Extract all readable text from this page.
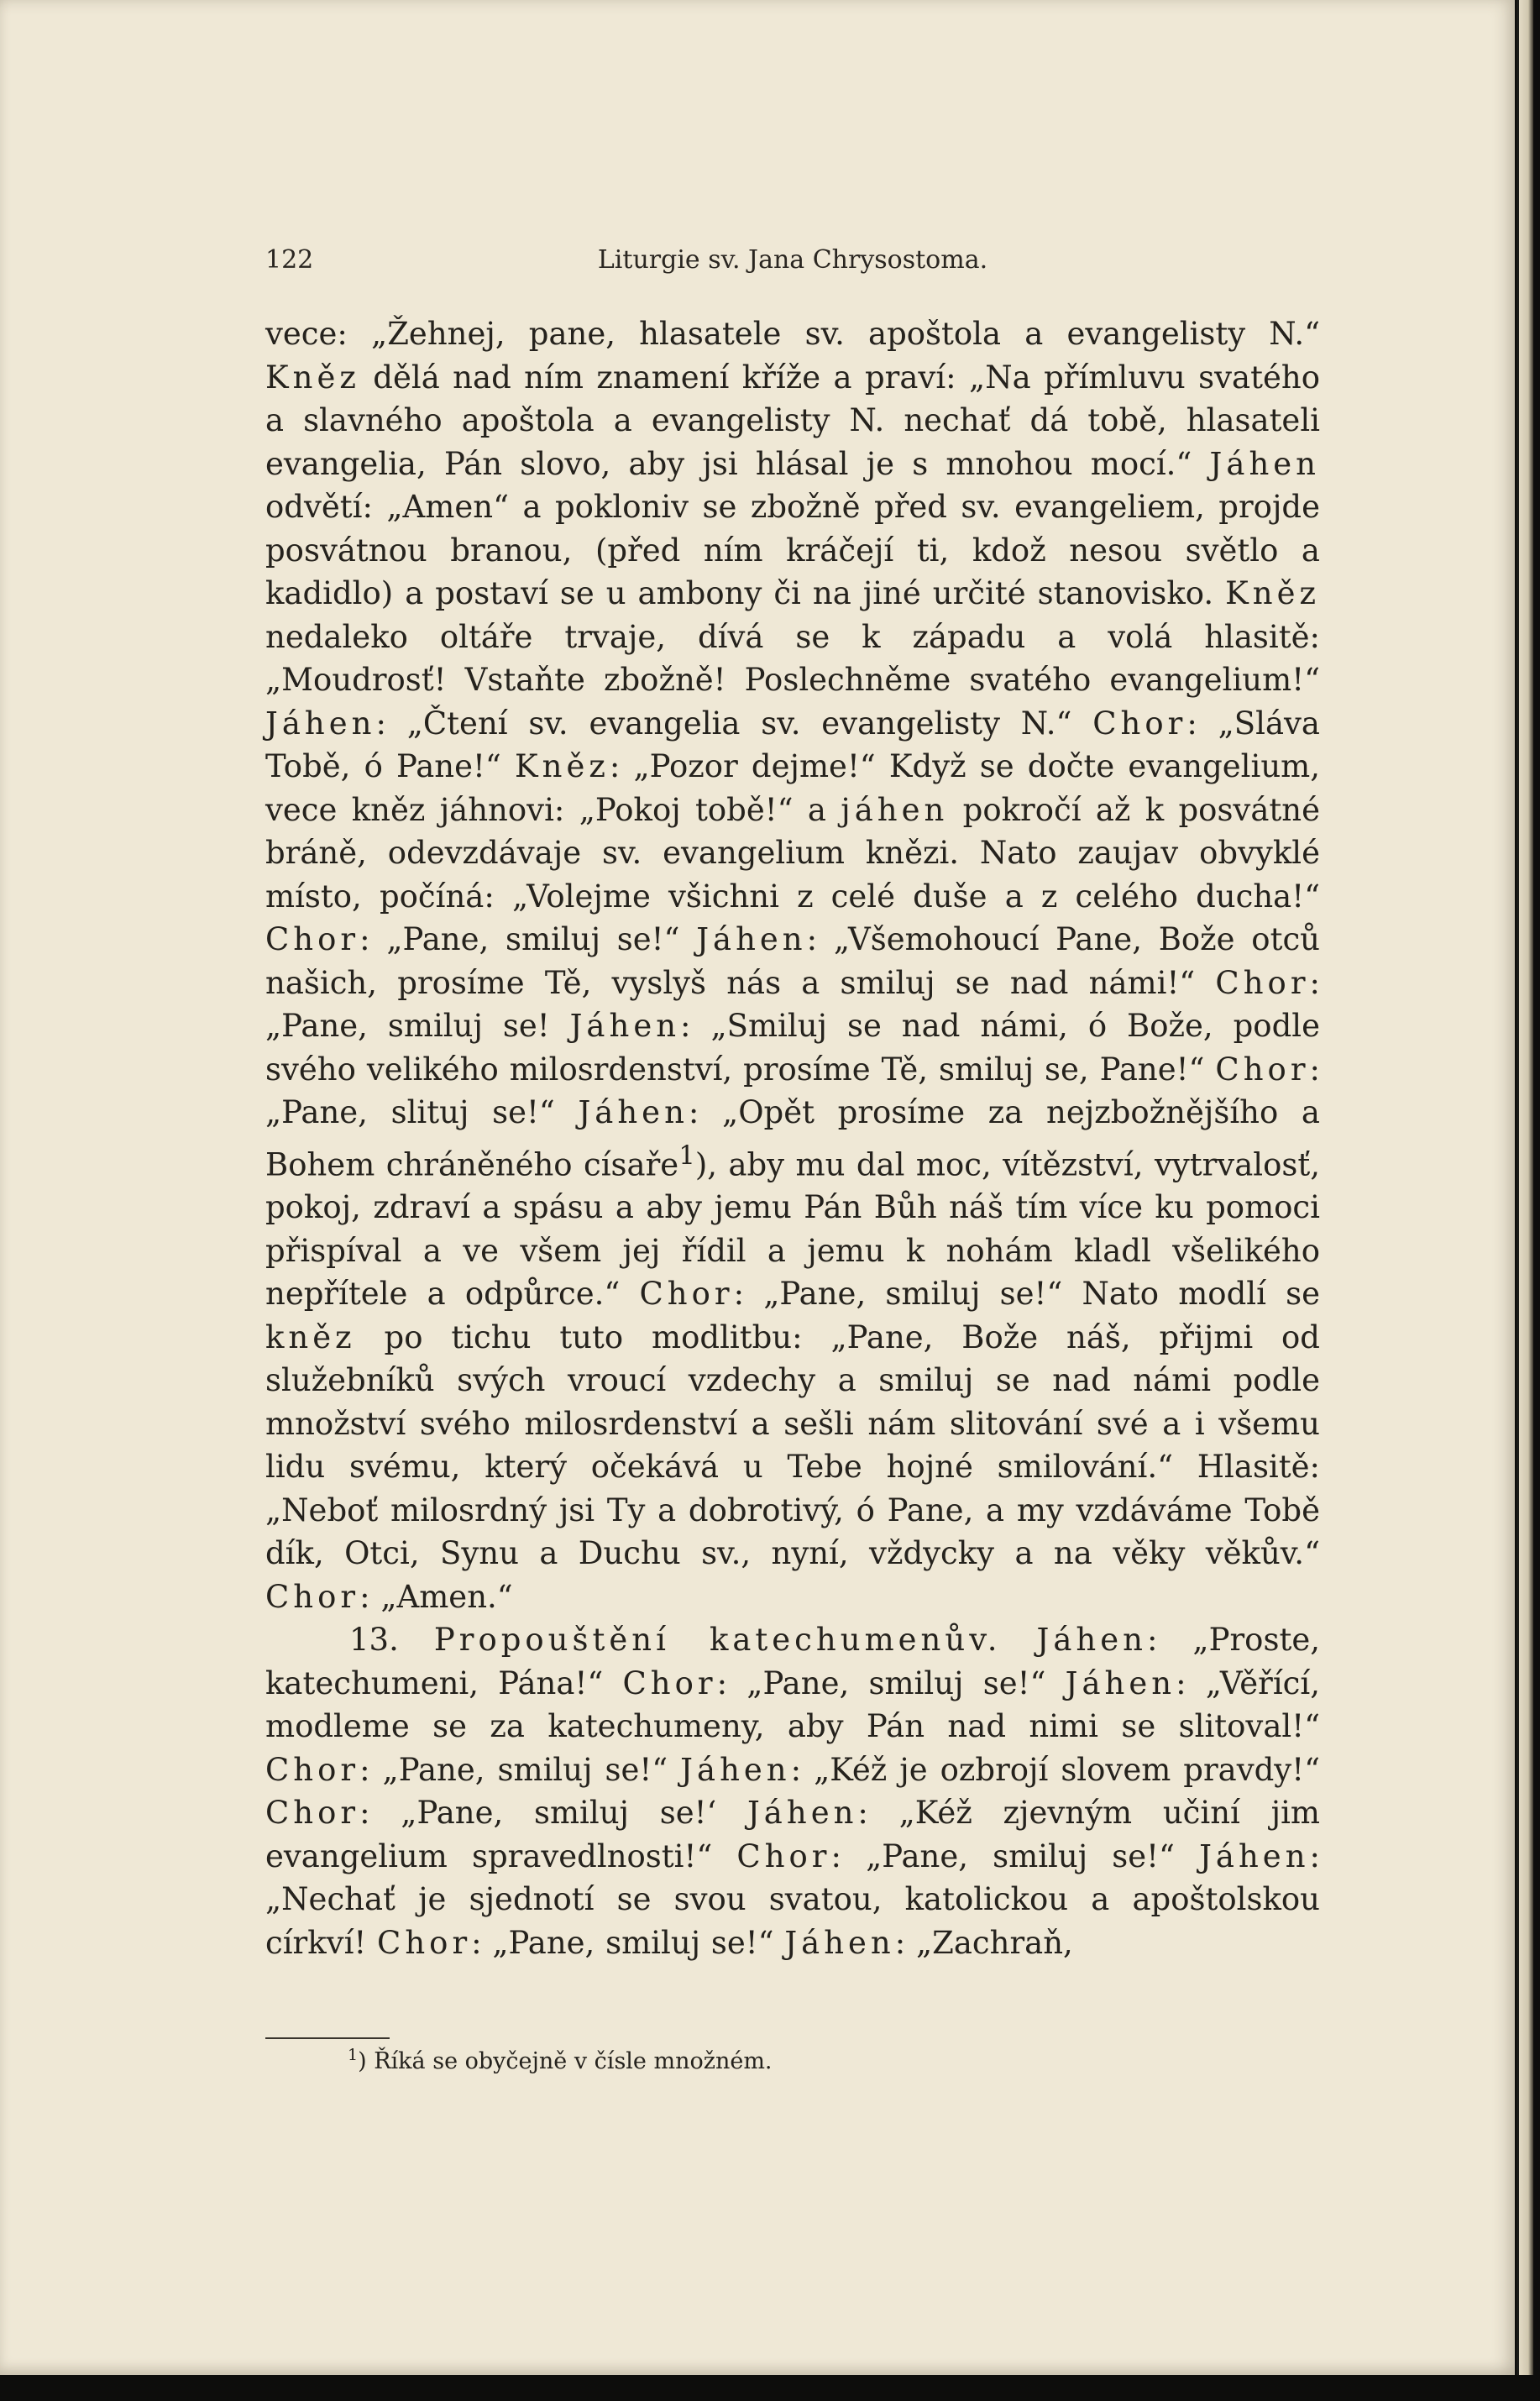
122	Liturgie sv. Jana Chrysostoma.

vece: „Žehnej, pane, hlasatele sv. apoštola a evangelisty N.“ Kněz dělá nad ním znamení kříže a praví: „Na přímluvu svatého a slavného apoštola a evangelisty N. nechať dá tobě, hlasateli evangelia, Pán slovo, aby jsi hlásal je s mnohou mocí.“ Jáhen odvětí: „Amen“ a pokloniv se zbožně před sv. evangeliem, projde posvátnou branou, (před ním kráčejí ti, kdož nesou světlo a kadidlo) a postaví se u ambony či na jiné určité stanovisko. Kněz nedaleko oltáře trvaje, dívá se k západu a volá hlasitě: „Moudrosť! Vstaňte zbožně! Poslechněme svatého evangelium!“ Jáhen: „Čtení sv. evangelia sv. evangelisty N.“ Chor: „Sláva Tobě, ó Pane!“ Kněz: „Pozor dejme!“ Když se dočte evangelium, vece kněz jáhnovi: „Pokoj tobě!“ a jáhen pokročí až k posvátné bráně, odevzdávaje sv. evangelium knězi. Nato zaujav obvyklé místo, počíná: „Volejme všichni z celé duše a z celého ducha!“ Chor: „Pane, smiluj se!“ Jáhen: „Všemohoucí Pane, Bože otců našich, prosíme Tě, vyslyš nás a smiluj se nad námi!“ Chor: „Pane, smiluj se! Jáhen: „Smiluj se nad námi, ó Bože, podle svého velikého milosrdenství, prosíme Tě, smiluj se, Pane!“ Chor: „Pane, slituj se!“ Jáhen: „Opět prosíme za nejzbožnějšího a Bohem chráněného císaře$^1$), aby mu dal moc, vítězství, vytrvalosť, pokoj, zdraví a spásu a aby jemu Pán Bůh náš tím více ku pomoci přispíval a ve všem jej řídil a jemu k nohám kladl všelikého nepřítele a odpůrce.“ Chor: „Pane, smiluj se!“ Nato modlí se kněz po tichu tuto modlitbu: „Pane, Bože náš, přijmi od služebníků svých vroucí vzdechy a smiluj se nad námi podle množství svého milosrdenství a sešli nám slitování své a i všemu lidu svému, který očekává u Tebe hojné smilování.“ Hlasitě: „Neboť milosrdný jsi Ty a dobrotivý, ó Pane, a my vzdáváme Tobě dík, Otci, Synu a Duchu sv., nyní, vždycky a na věky věkův.“ Chor: „Amen.“

13. Propouštění katechumenův. Jáhen: „Proste, katechumeni, Pána!“ Chor: „Pane, smiluj se!“ Jáhen: „Věřící, modleme se za katechumeny, aby Pán nad nimi se slitoval!“ Chor: „Pane, smiluj se!“ Jáhen: „Kéž je ozbrojí slovem pravdy!“ Chor: „Pane, smiluj se!‘ Jáhen: „Kéž zjevným učiní jim evangelium spravedlnosti!“ Chor: „Pane, smiluj se!“ Jáhen: „Nechať je sjednotí se svou svatou, katolickou a apoštolskou církví! Chor: „Pane, smiluj se!“ Jáhen: „Zachraň,

$^1$) Říká se obyčejně v čísle množném.
